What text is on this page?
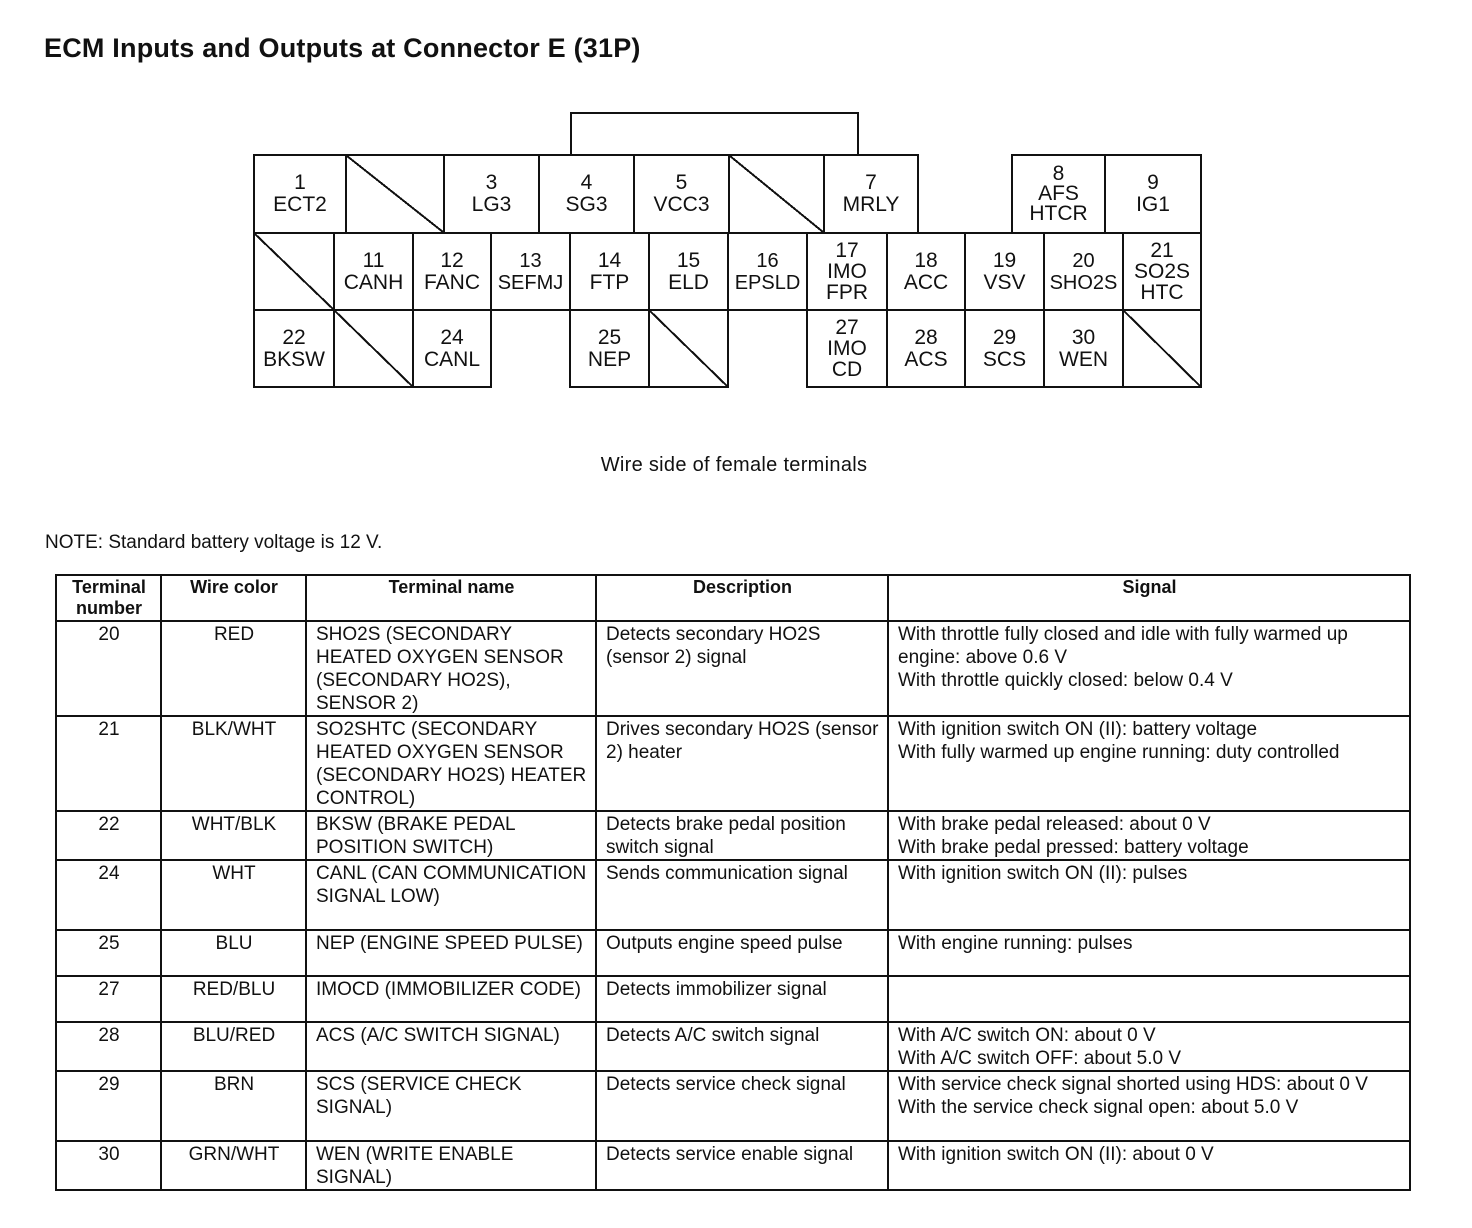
ECM Inputs and Outputs at Connector E (31P)
1
ECT2
3
LG3
4
SG3
5
VCC3
7
MRLY
8
AFS HTCR
9
IG1
11
CANH
12
FANC
13
SEFMJ
14
FTP
15
ELD
16
EPSLD
17
IMO FPR
18
ACC
19
VSV
20
SHO2S
21
SO2S HTC
22
BKSW
24
CANL
25
NEP
27
IMO CD
28
ACS
29
SCS
30
WEN
Wire side of female terminals
NOTE: Standard battery voltage is 12 V.
Terminal number	Wire color	Terminal name	Description	Signal
20	RED	SHO2S (SECONDARY HEATED OXYGEN SENSOR (SECONDARY HO2S), SENSOR 2)	Detects secondary HO2S (sensor 2) signal	With throttle fully closed and idle with fully warmed up engine: above 0.6 V
With throttle quickly closed: below 0.4 V

21	BLK/WHT	SO2SHTC (SECONDARY HEATED OXYGEN SENSOR (SECONDARY HO2S) HEATER CONTROL)	Drives secondary HO2S (sensor 2) heater	With ignition switch ON (II): battery voltage
With fully warmed up engine running: duty controlled

22	WHT/BLK	BKSW (BRAKE PEDAL POSITION SWITCH)	Detects brake pedal position switch signal	With brake pedal released: about 0 V
With brake pedal pressed: battery voltage

24	WHT	CANL (CAN COMMUNICATION SIGNAL LOW)	Sends communication signal	With ignition switch ON (II): pulses

25	BLU	NEP (ENGINE SPEED PULSE)	Outputs engine speed pulse	With engine running: pulses

27	RED/BLU	IMOCD (IMMOBILIZER CODE)	Detects immobilizer signal	
28	BLU/RED	ACS (A/C SWITCH SIGNAL)	Detects A/C switch signal	With A/C switch ON: about 0 V
With A/C switch OFF: about 5.0 V

29	BRN	SCS (SERVICE CHECK SIGNAL)	Detects service check signal	With service check signal shorted using HDS: about 0 V
With the service check signal open: about 5.0 V

30	GRN/WHT	WEN (WRITE ENABLE SIGNAL)	Detects service enable signal	With ignition switch ON (II): about 0 V
